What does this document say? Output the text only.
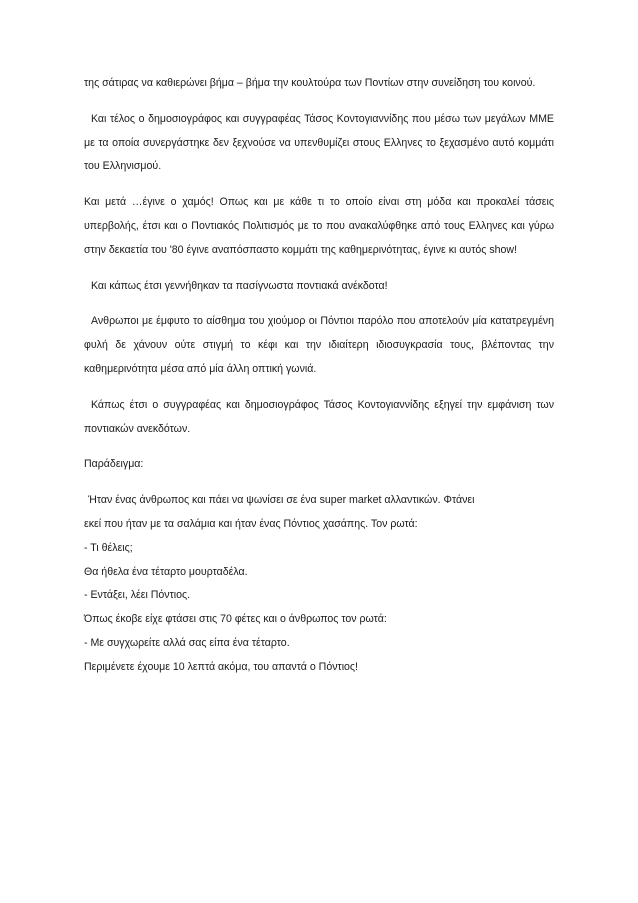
της σάτιρας να καθιερώνει βήμα – βήμα την κουλτούρα των Ποντίων στην συνείδηση του κοινού.

Και τέλος ο δημοσιογράφος και συγγραφέας Τάσος Κοντογιαννίδης που μέσω των μεγάλων ΜΜΕ με τα οποία συνεργάστηκε δεν ξεχνούσε να υπενθυμίζει στους Ελληνες το ξεχασμένο αυτό κομμάτι του Ελληνισμού.

Και μετά …έγινε ο χαμός! Οπως και με κάθε τι το οποίο είναι στη μόδα και προκαλεί τάσεις υπερβολής, έτσι και ο Ποντιακός Πολιτισμός με το που ανακαλύφθηκε από τους Ελληνες και γύρω στην δεκαετία του '80 έγινε αναπόσπαστο κομμάτι της καθημερινότητας, έγινε κι αυτός show!

Και κάπως έτσι γεννήθηκαν τα πασίγνωστα ποντιακά ανέκδοτα!

Ανθρωποι με έμφυτο το αίσθημα του χιούμορ οι Πόντιοι παρόλο που αποτελούν μία κατατρεγμένη φυλή δε χάνουν ούτε στιγμή το κέφι και την ιδιαίτερη ιδιοσυγκρασία τους, βλέποντας την καθημερινότητα μέσα από μία άλλη οπτική γωνιά.

Κάπως έτσι ο συγγραφέας και δημοσιογράφος Τάσος Κοντογιαννίδης εξηγεί την εμφάνιση των ποντιακών ανεκδότων.

Παράδειγμα:

Ήταν ένας άνθρωπος και πάει να ψωνίσει σε ένα super market αλλαντικών. Φτάνει
εκεί που ήταν με τα σαλάμια και ήταν ένας Πόντιος χασάπης. Τον ρωτά:
- Τι θέλεις;
Θα ήθελα ένα τέταρτο μουρταδέλα.
- Εντάξει, λέει Πόντιος.
Όπως έκοβε είχε φτάσει στις 70 φέτες και ο άνθρωπος τον ρωτά:
- Με συγχωρείτε αλλά σας είπα ένα τέταρτο.
Περιμένετε έχουμε 10 λεπτά ακόμα, του απαντά ο Πόντιος!
